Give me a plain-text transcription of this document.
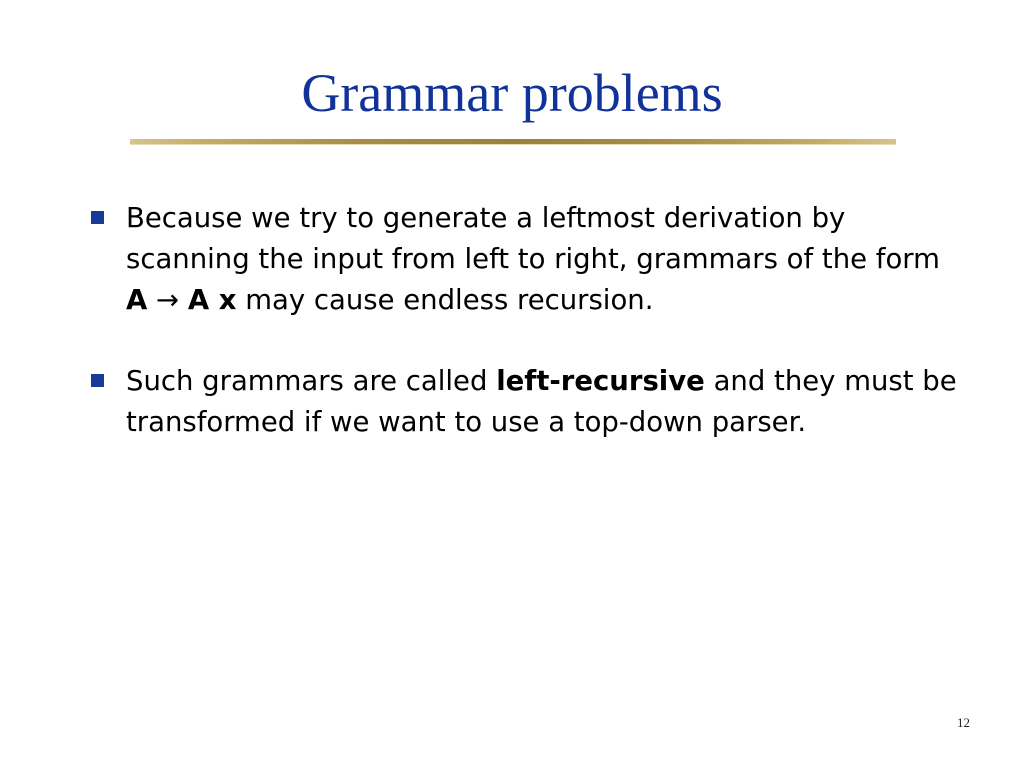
Grammar problems
Because we try to generate a leftmost derivation by scanning the input from left to right, grammars of the form A → A x may cause endless recursion.
Such grammars are called left-recursive and they must be transformed if we want to use a top-down parser.
12
